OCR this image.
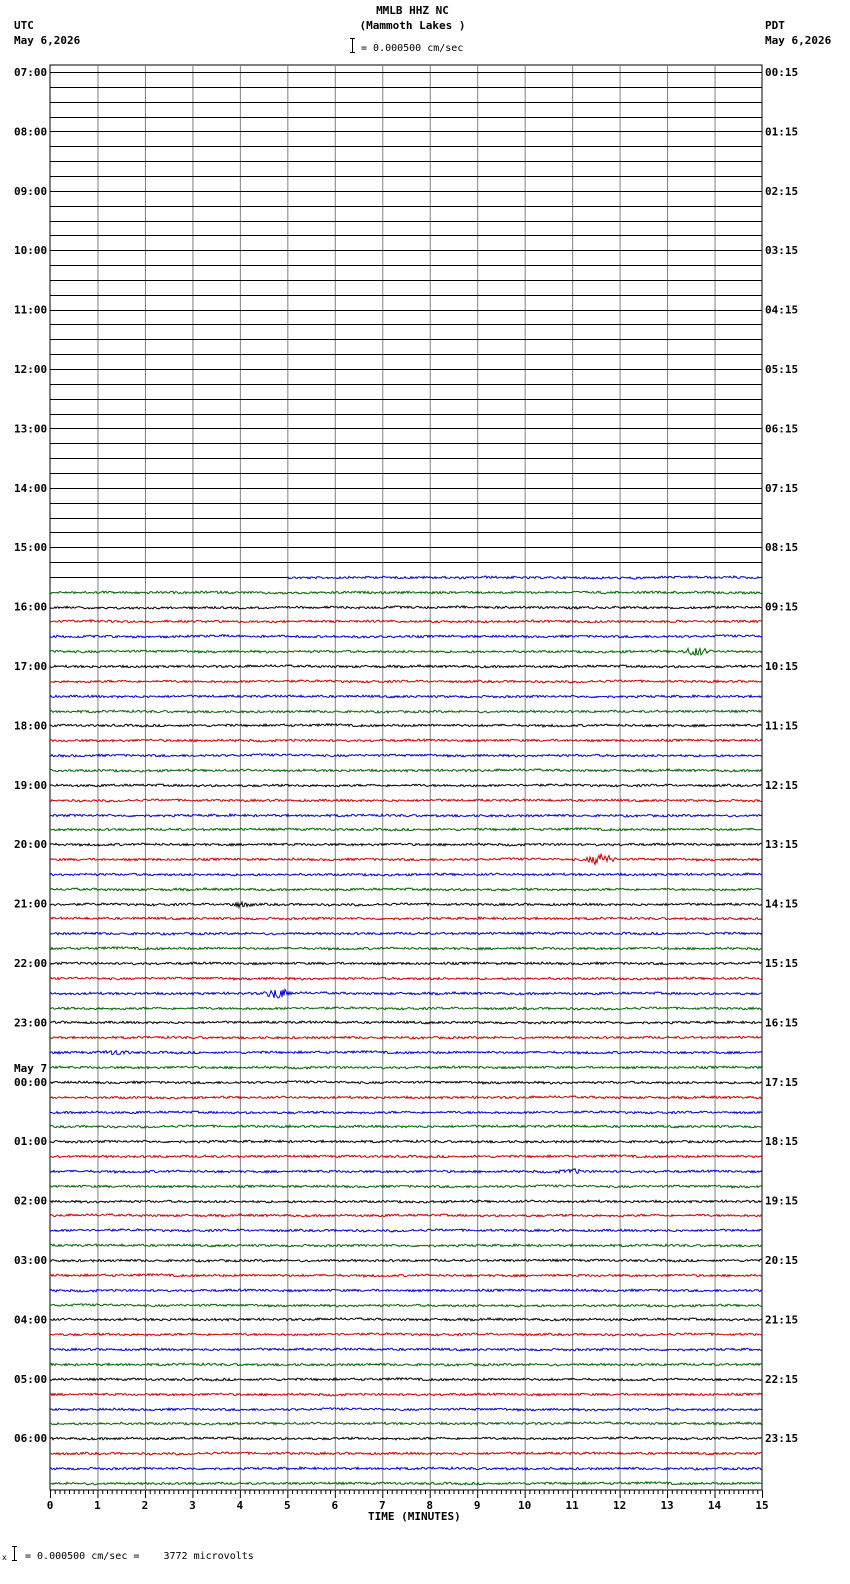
MMLB HHZ NC
(Mammoth Lakes )
UTC
May 6,2026
PDT
May 6,2026
= 0.000500 cm/sec
0	1	2	3	4	5	6	7	8	9	10	11	12	13	14	15
07:00
08:00
09:00
10:00
11:00
12:00
13:00
14:00
15:00
16:00
17:00
18:00
19:00
20:00
21:00
22:00
23:00
00:00
01:00
02:00
03:00
04:00
05:00
06:00
00:15
01:15
02:15
03:15
04:15
05:15
06:15
07:15
08:15
09:15
10:15
11:15
12:15
13:15
14:15
15:15
16:15
17:15
18:15
19:15
20:15
21:15
22:15
23:15
May 7
TIME (MINUTES)
x = 0.000500 cm/sec =    3772 microvolts
